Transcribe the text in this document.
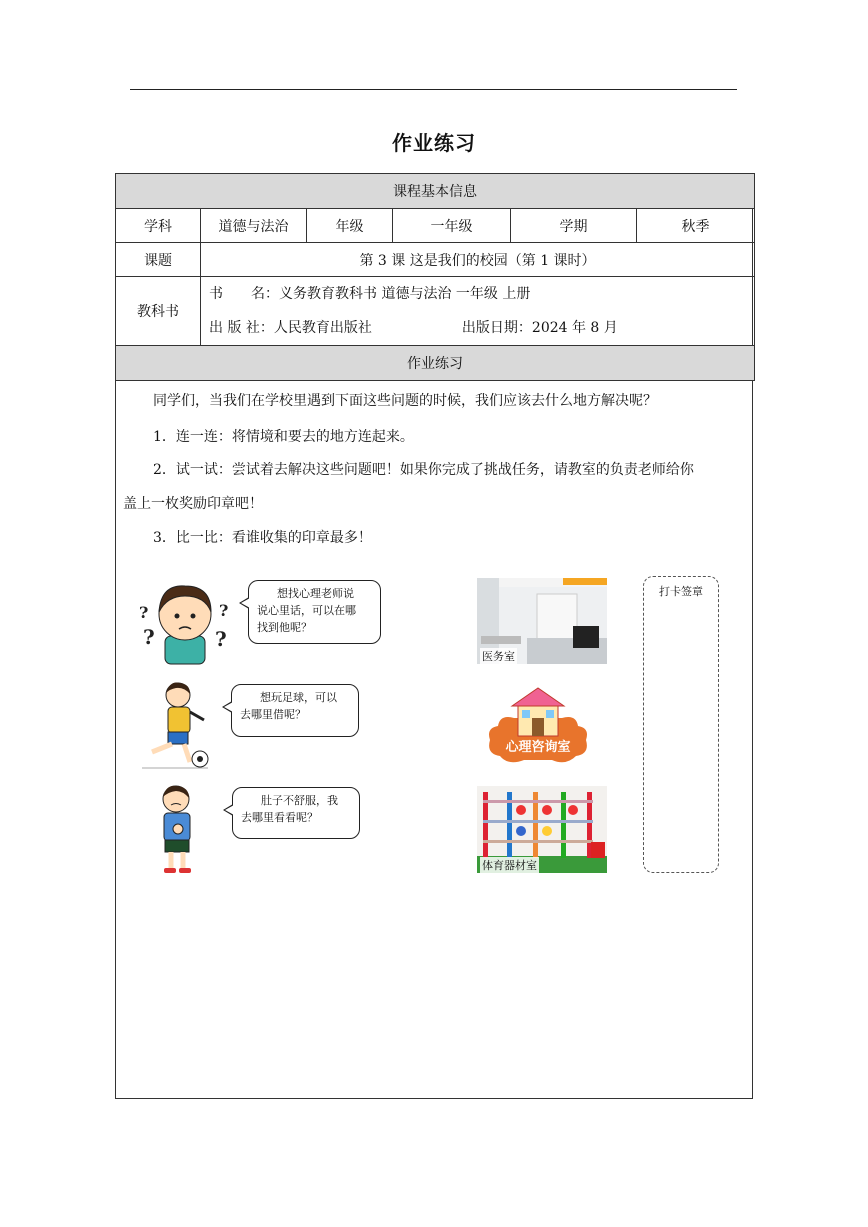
作业练习
课程基本信息					
学科	道德与法治	年级	一年级	学期	秋季
课题	第 3 课 这是我们的校园（第 1 课时）				
教科书	书　　名：义务教育教科书 道德与法治 一年级 上册
出 版 社：人民教育出版社 出版日期：2024 年 8 月				

作业练习					
同学们，当我们在学校里遇到下面这些问题的时候，我们应该去什么地方解决呢？
1．连一连：将情境和要去的地方连起来。
2．试一试：尝试着去解决这些问题吧！如果你完成了挑战任务，请教室的负责老师给你
盖上一枚奖励印章吧！
3．比一比：看谁收集的印章最多！
?
?
?
?
想找心理老师说
说心里话，可以在哪
找到他呢？
想玩足球，可以
去哪里借呢？
肚子不舒服，我
去哪里看看呢？
医务室
心理咨询室
体育器材室
打卡签章
